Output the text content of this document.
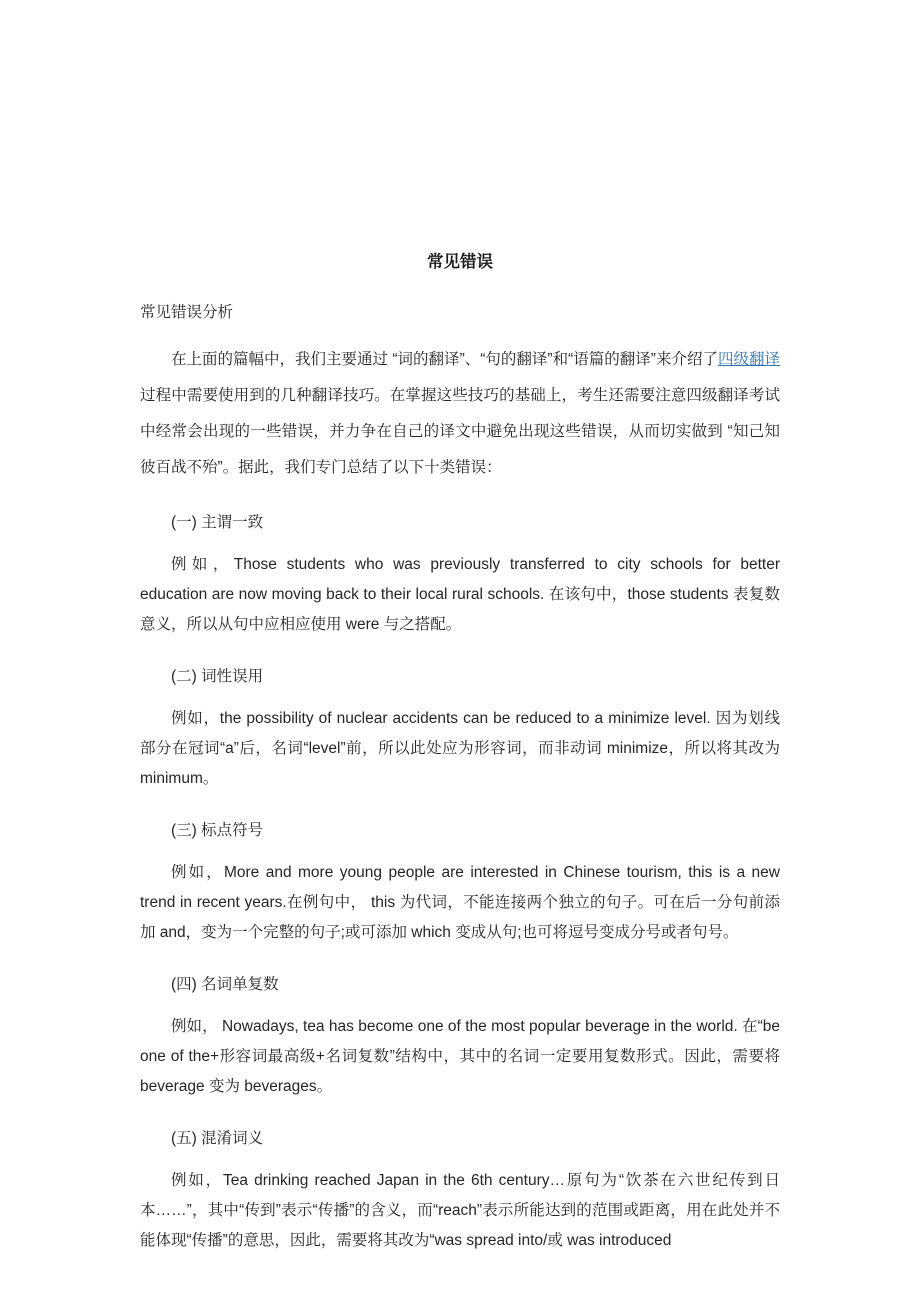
常见错误

常见错误分析

在上面的篇幅中，我们主要通过 “词的翻译”、“句的翻译”和“语篇的翻译”来介绍了四级翻译过程中需要使用到的几种翻译技巧。在掌握这些技巧的基础上，考生还需要注意四级翻译考试中经常会出现的一些错误，并力争在自己的译文中避免出现这些错误，从而切实做到 “知己知彼百战不殆”。据此，我们专门总结了以下十类错误：

(一) 主谓一致

例如，Those students who was previously transferred to city schools for better education are now moving back to their local rural schools. 在该句中，those students 表复数意义，所以从句中应相应使用 were 与之搭配。

(二) 词性误用

例如，the possibility of nuclear accidents can be reduced to a minimize level. 因为划线部分在冠词“a”后，名词“level”前，所以此处应为形容词，而非动词 minimize，所以将其改为 minimum。

(三) 标点符号

例如，More and more young people are interested in Chinese tourism, this is a new trend in recent years.在例句中， this 为代词，不能连接两个独立的句子。可在后一分句前添加 and，变为一个完整的句子;或可添加 which 变成从句;也可将逗号变成分号或者句号。

(四) 名词单复数

例如， Nowadays, tea has become one of the most popular beverage in the world. 在“be one of the+形容词最高级+名词复数”结构中，其中的名词一定要用复数形式。因此，需要将 beverage 变为 beverages。

(五) 混淆词义

例如，Tea drinking reached Japan in the 6th century…原句为“饮茶在六世纪传到日本……”，其中“传到”表示“传播”的含义，而“reach”表示所能达到的范围或距离，用在此处并不能体现“传播”的意思，因此，需要将其改为“was spread into/或 was introduced
